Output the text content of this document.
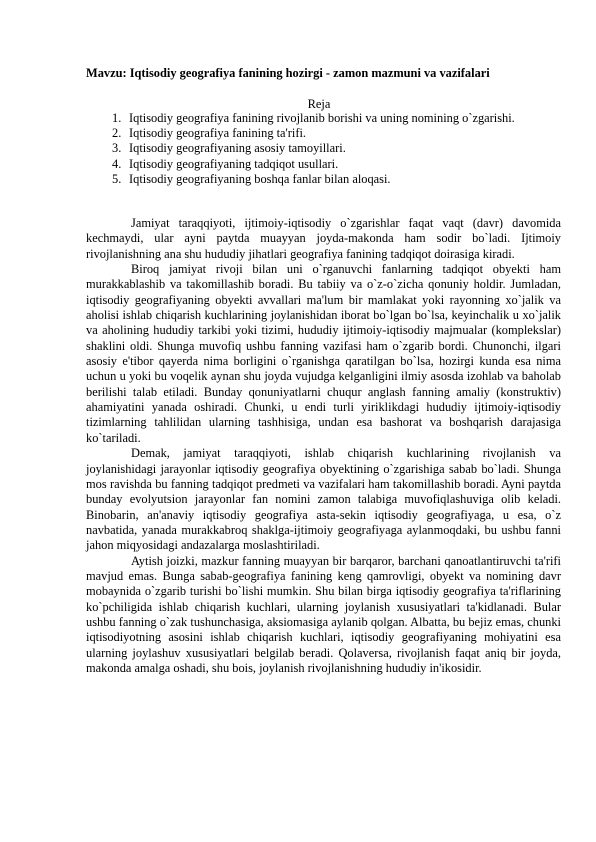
Mavzu: Iqtisodiy geografiya fanining hozirgi - zamon mazmuni va vazifalari
Reja
1. Iqtisodiy geografiya fanining rivojlanib borishi va uning nomining o`zgarishi.
2. Iqtisodiy geografiya fanining ta'rifi.
3. Iqtisodiy geografiyaning asosiy tamoyillari.
4. Iqtisodiy geografiyaning tadqiqot usullari.
5. Iqtisodiy geografiyaning boshqa fanlar bilan aloqasi.

Jamiyat taraqqiyoti, ijtimoiy-iqtisodiy o`zgarishlar faqat vaqt (davr) davomida kechmaydi, ular ayni paytda muayyan joyda-makonda ham sodir bo`ladi. Ijtimoiy rivojlanishning ana shu hududiy jihatlari geografiya fanining tadqiqot doirasiga kiradi.

Biroq jamiyat rivoji bilan uni o`rganuvchi fanlarning tadqiqot obyekti ham murakkablashib va takomillashib boradi. Bu tabiiy va o`z-o`zicha qonuniy holdir. Jumladan, iqtisodiy geografiyaning obyekti avvallari ma'lum bir mamlakat yoki rayonning xo`jalik va aholisi ishlab chiqarish kuchlarining joylanishidan iborat bo`lgan bo`lsa, keyinchalik u xo`jalik va aholining hududiy tarkibi yoki tizimi, hududiy ijtimoiy-iqtisodiy majmualar (komplekslar) shaklini oldi. Shunga muvofiq ushbu fanning vazifasi ham o`zgarib bordi. Chunonchi, ilgari asosiy e'tibor qayerda nima borligini o`rganishga qaratilgan bo`lsa, hozirgi kunda esa nima uchun u yoki bu voqelik aynan shu joyda vujudga kelganligini ilmiy asosda izohlab va baholab berilishi talab etiladi. Bunday qonuniyatlarni chuqur anglash fanning amaliy (konstruktiv) ahamiyatini yanada oshiradi. Chunki, u endi turli yiriklikdagi hududiy ijtimoiy-iqtisodiy tizimlarning tahlilidan ularning tashhisiga, undan esa bashorat va boshqarish darajasiga ko`tariladi.

Demak, jamiyat taraqqiyoti, ishlab chiqarish kuchlarining rivojlanish va joylanishidagi jarayonlar iqtisodiy geografiya obyektining o`zgarishiga sabab bo`ladi. Shunga mos ravishda bu fanning tadqiqot predmeti va vazifalari ham takomillashib boradi. Ayni paytda bunday evolyutsion jarayonlar fan nomini zamon talabiga muvofiqlashuviga olib keladi. Binobarin, an'anaviy iqtisodiy geografiya asta-sekin iqtisodiy geografiyaga, u esa, o`z navbatida, yanada murakkabroq shaklga-ijtimoiy geografiyaga aylanmoqdaki, bu ushbu fanni jahon miqyosidagi andazalarga moslashtiriladi.

Aytish joizki, mazkur fanning muayyan bir barqaror, barchani qanoatlantiruvchi ta'rifi mavjud emas. Bunga sabab-geografiya fanining keng qamrovligi, obyekt va nomining davr mobaynida o`zgarib turishi bo`lishi mumkin. Shu bilan birga iqtisodiy geografiya ta'riflarining ko`pchiligida ishlab chiqarish kuchlari, ularning joylanish xususiyatlari ta'kidlanadi. Bular ushbu fanning o`zak tushunchasiga, aksiomasiga aylanib qolgan. Albatta, bu bejiz emas, chunki iqtisodiyotning asosini ishlab chiqarish kuchlari, iqtisodiy geografiyaning mohiyatini esa ularning joylashuv xususiyatlari belgilab beradi. Qolaversa, rivojlanish faqat aniq bir joyda, makonda amalga oshadi, shu bois, joylanish rivojlanishning hududiy in'ikosidir.
